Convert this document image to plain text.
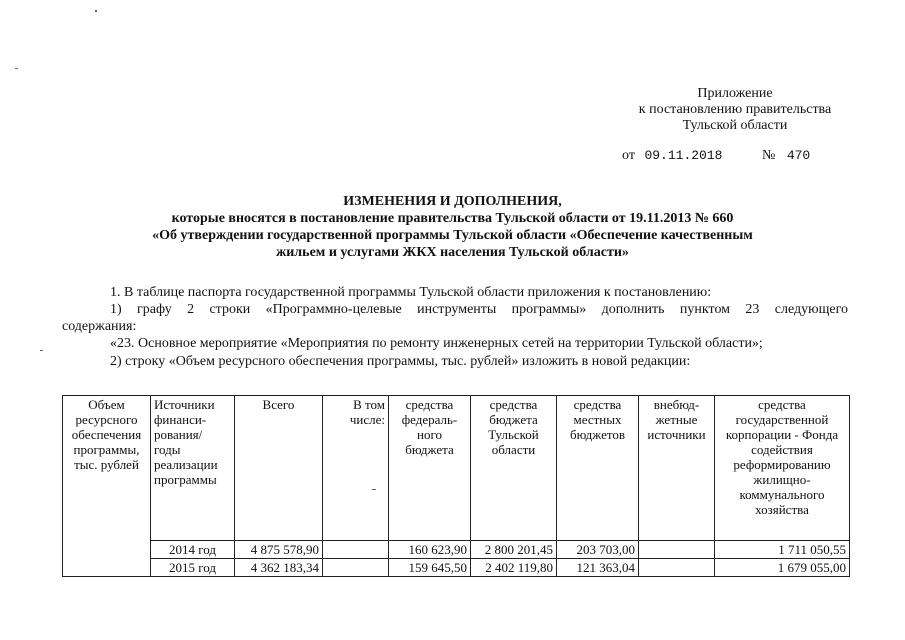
Приложение
к постановлению правительства
Тульской области
от 09.11.2018	№ 470
ИЗМЕНЕНИЯ И ДОПОЛНЕНИЯ,
которые вносятся в постановление правительства Тульской области от 19.11.2013 № 660
«Об утверждении государственной программы Тульской области «Обеспечение качественным
жильем и услугами ЖКХ населения Тульской области»
1. В таблице паспорта государственной программы Тульской области приложения к постановлению:
1) графу 2 строки «Программно-целевые инструменты программы» дополнить пунктом 23 следующего
содержания:
«23. Основное мероприятие «Мероприятия по ремонту инженерных сетей на территории Тульской области»;
2) строку «Объем ресурсного обеспечения программы, тыс. рублей» изложить в новой редакции:
Объем ресурсного обеспечения программы, тыс. рублей	Источники финанси-рования/ годы реализации программы	Всего	В том числе:	средства федераль-ного бюджета	средства бюджета Тульской области	средства местных бюджетов	внебюд-жетные источники	средства государственной корпорации - Фонда содействия реформированию жилищно-коммунального хозяйства
	2014 год	4 875 578,90		160 623,90	2 800 201,45	203 703,00		1 711 050,55
	2015 год	4 362 183,34		159 645,50	2 402 119,80	121 363,04		1 679 055,00
